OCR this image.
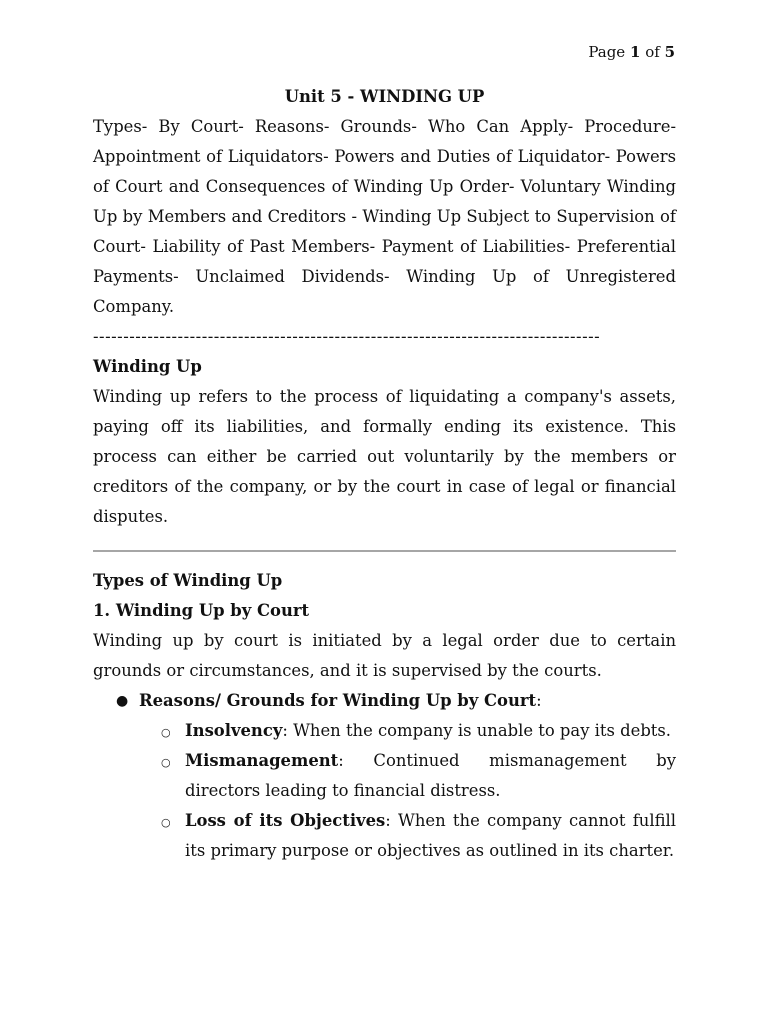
Page 1 of 5

Unit 5 - WINDING UP

Types- By Court- Reasons- Grounds- Who Can Apply- Procedure- Appointment of Liquidators- Powers and Duties of Liquidator- Powers of Court and Consequences of Winding Up Order- Voluntary Winding Up by Members and Creditors - Winding Up Subject to Supervision of Court- Liability of Past Members- Payment of Liabilities- Preferential Payments- Unclaimed Dividends- Winding Up of Unregistered Company.

------------------------------------------------------------------------------------

Winding Up

Winding up refers to the process of liquidating a company's assets, paying off its liabilities, and formally ending its existence. This process can either be carried out voluntarily by the members or creditors of the company, or by the court in case of legal or financial disputes.

Types of Winding Up

1. Winding Up by Court

Winding up by court is initiated by a legal order due to certain grounds or circumstances, and it is supervised by the courts.

● Reasons/ Grounds for Winding Up by Court:
○ Insolvency: When the company is unable to pay its debts.
○ Mismanagement: Continued mismanagement by directors leading to financial distress.
○ Loss of its Objectives: When the company cannot fulfill its primary purpose or objectives as outlined in its charter.
